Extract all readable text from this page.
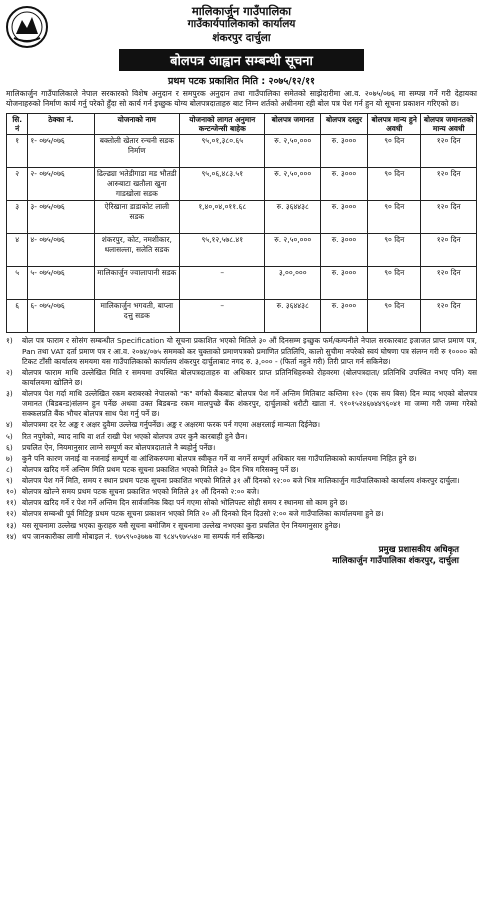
मालिकार्जुन गाउँपालिका
गाउँकार्यपालिकाको कार्यालय
शंकरपुर दार्चुला
बोलपत्र आह्वान सम्बन्धी सूचना
प्रथम पटक प्रकाशित मिति : २०७५/१२/११
मालिकार्जुन गाउँपालिकाले नेपाल सरकारको विशेष अनुदान र समपुरक अनुदान तथा गाउँपालिका समेतको साझेदारीमा आ.व. २०७५/०७६ मा सम्पन्न गर्ने गरी देहायका योजनाहरुको निर्माण कार्य गर्नु परेको हुँदा सो कार्य गर्न इच्छुक योग्य बोलपत्रदाताहरु बाट निम्न शर्तको अधीनमा रही बोल पत्र पेश गर्न हुन यो सूचना प्रकाशन गरिएको छ।
सि. नं	ठेक्का नं.	योजनाको नाम	योजनाको लागत अनुमान कन्टन्जेन्सी बाहेक	बोलपत्र जमानत	बोलपत्र दस्तुर	बोलपत्र मान्य हुने अवधी	बोलपत्र जमानतको मान्य अवधी
१	१- ०७५/०७६	बक्तोली खेतार रन्चनी सडक निर्माण	९५,०१,३८०.६५	रु. २,५०,०००	रु. ३०००	९० दिन	१२० दिन
२	२- ०७५/०७६	ढिल्ढ्या भतेडीगाडा मड भौतडी आरुबाटा खतौला खुना गाडखोला सडक	९५,०६,४८३.५१	रु. २,५०,०००	रु. ३०००	९० दिन	१२० दिन
३	३- ०७५/०७६	ऐरिखाना डाडाकोट लाली सडक	१,४०,०४,०११.६८	रु. ३६४४३८	रु. ३०००	९० दिन	१२० दिन
४	४- ०७५/०७६	शंकरपुर, कोट, नमशीकार, थलासल्ला, सलेति सडक	९५,१२,५७८.४१	रु. २,५०,०००	रु. ३०००	९० दिन	१२० दिन
५	५- ०७५/०७६	मालिकार्जुन ज्वालापानी सडक	–	३,००,०००	रु. ३०००	९० दिन	१२० दिन
६	६- ०७५/०७६	मालिकार्जुन भगवती, बाप्ला दत्तु सडक	–	रु. ३६४४३८	रु. ३०००	९० दिन	१२० दिन
१)	बोल पत्र फाराम र सोसंग सम्बन्धीत Specification यो सूचना प्रकाशित भएको मितिले ३० औं दिनसम्म इच्छुक फर्म/कम्पनीले नेपाल सरकारबाट इजाजत प्राप्त प्रमाण पत्र, Pan तथा VAT दर्ता प्रमाण पत्र र आ.व. २०७४/०७५ सममको कर चुक्ताको प्रमाणपत्रको प्रमाणित प्रतिलिपि, कालो सुचीमा नपरेको स्वयं घोषणा पत्र संलग्न गरी रु १०००० को टिकट टाँसी कार्यालय समयमा यस गाउँपालिकाको कार्यालय शंकरपुर दार्चुलाबाट नगद रु. ३,००० - (फिर्ता नहुने गरी) तिरी प्राप्त गर्न सकिनेछ।
२)	बोलपत्र फाराम माथि उल्लेखित मिति र समयमा उपस्थित बोलपत्रदाताहरु वा अधिकार प्राप्त प्रतिनिधिहरुको रोहवरमा (बोलपत्रदाता/ प्रतिनिधि उपस्थित नभए पनि) यस कार्यालयमा खोलिने छ।
३)	बोलपत्र पेश गर्दा माथि उल्लेखित रकम बराबरको नेपालको "क" वर्गको बैंकबाट बोलपत्र पेश गर्ने अन्तिम मितिबाट कम्तिमा १२० (एक सय बिस) दिन म्याद भएको बोलपत्र जमानत (बिडबन्ड)संलग्न हुन पर्नेछ अथवा उक्त बिडबन्ड रकम मालपुच्छे बैंक शंकरपुर, दार्चुलाको धरौटी खाता नं. ९१०१५२४६७४४९६०४१ मा जम्मा गरी जम्मा गरेको सक्कलप्रति बैंक भौचर बोलपत्र साथ पेश गर्नु पर्ने छ।
४)	बोलपत्रमा दर रेट अङ्क र अक्षर दुवैमा उल्लेख गर्नुपर्नेछ। अङ्क र अक्षरमा फरक पर्न गएमा अक्षरलाई मान्यता दिईनेछ।
५)	रित नपुगेको, म्याद नाघि वा शर्त राखी पेश भएको बोलपत्र उपर कुनै कारबाही हुने छैन।
६)	प्रचलित ऐन, नियमानुसार लाग्ने सम्पूर्ण कर बोलपत्रदाताले नै ब्यहोर्नु पर्नेछ।
७)	कुनै पनि कारण जनाई वा नजनाई सम्पूर्ण वा आंशिकरुपमा बोलपत्र स्वीकृत गर्ने वा नगर्ने सम्पूर्ण अधिकार यस गाउँपालिकाको कार्यालयमा निहित हुने छ।
८)	बोलपत्र खरिद गर्ने अन्तिम मिति प्रथम पटक सूचना प्रकाशित भएको मितिले ३० दिन भित्र गरिसक्नु पर्ने छ।
९)	बोलपत्र पेश गर्ने मिति, समय र स्थान प्रथम पटक सूचना प्रकाशित भएको मितिले ३१ औं दिनको १२:०० बजे भित्र मालिकार्जुन गाउँपालिकाको कार्यालय शंकरपुर दार्चुला।
१०) बोलपत्र खोल्ने समय प्रथम पटक सूचना प्रकाशित भएको मितिले ३१ औं दिनको २:०० बजे।
११) बोलपत्र खरिद गर्ने र पेश गर्ने अन्तिम दिन सार्वजनिक बिदा पर्न गएमा सोको भोलिपल्ट सोही समय र स्थानमा सो काम हुने छ।
१२) बोलपत्र सम्बन्धी पूर्व मिटिङ्ग प्रथम पटक सूचना प्रकाशन भएको मिति २० औं दिनको दिन दिउसो २:०० बजे गाउँपालिका कार्यालयमा हुने छ।
१३) यस सूचनामा उल्लेख भएका कुराहरु यसै सूचना बमोजिम र सूचनामा उल्लेख नभएका कुरा प्रचलित ऐन नियमानुसार हुनेछ।
१४) थप जानकारीका लागी मोबाइल नं. ९७५९५०३७७७ वा ९८४५९७५५४० मा सम्पर्क गर्न सकिन्छ।
प्रमुख प्रशासकीय अधिकृत
मालिकार्जुन गाउँपालिका शंकरपुर, दार्चुला
